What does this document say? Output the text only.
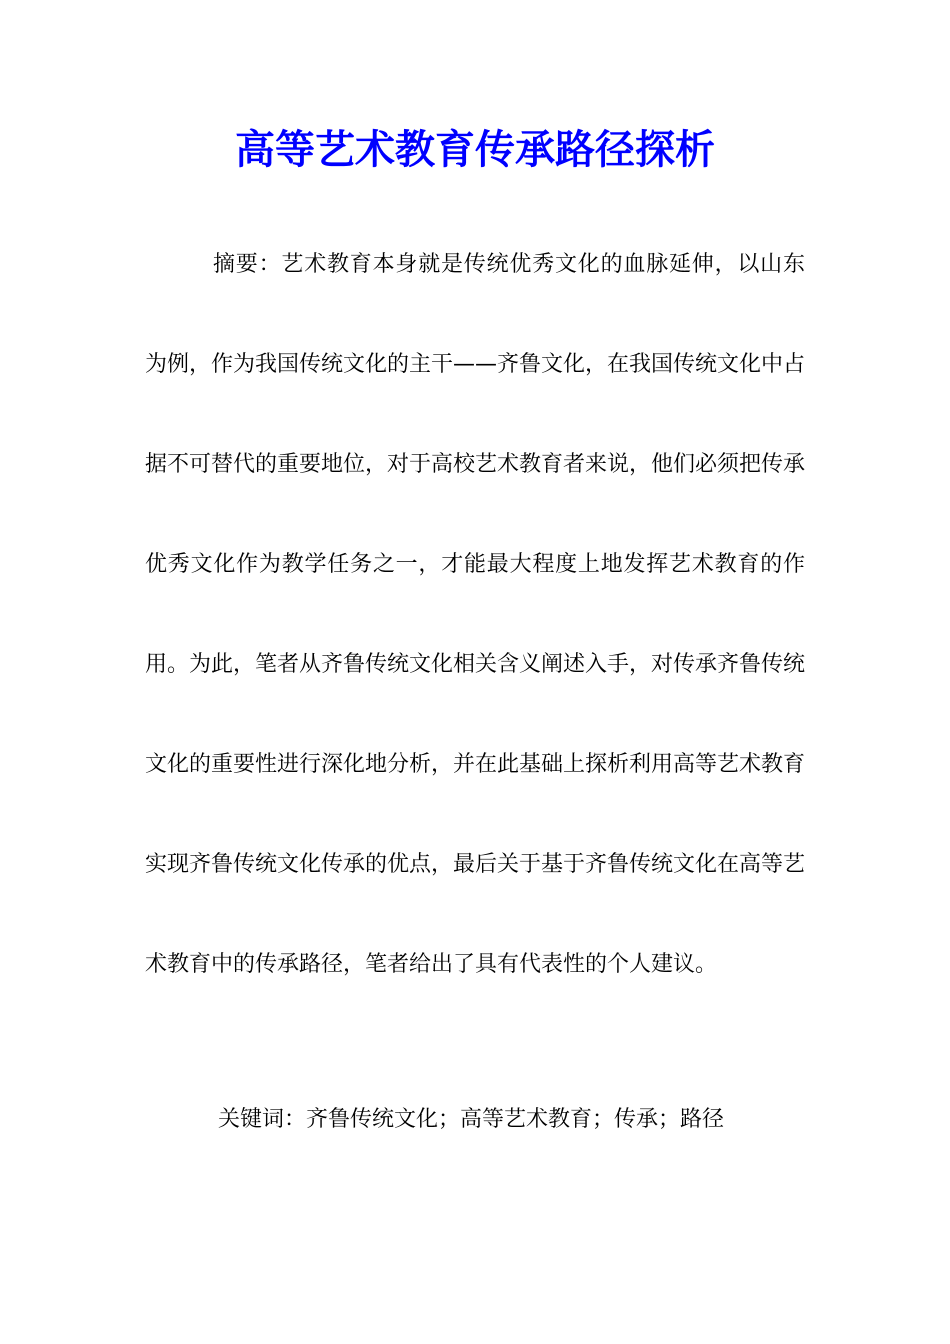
高等艺术教育传承路径探析

摘要：艺术教育本身就是传统优秀文化的血脉延伸，以山东为例，作为我国传统文化的主干——齐鲁文化，在我国传统文化中占据不可替代的重要地位，对于高校艺术教育者来说，他们必须把传承优秀文化作为教学任务之一，才能最大程度上地发挥艺术教育的作用。为此，笔者从齐鲁传统文化相关含义阐述入手，对传承齐鲁传统文化的重要性进行深化地分析，并在此基础上探析利用高等艺术教育实现齐鲁传统文化传承的优点，最后关于基于齐鲁传统文化在高等艺术教育中的传承路径，笔者给出了具有代表性的个人建议。

关键词：齐鲁传统文化；高等艺术教育；传承；路径
